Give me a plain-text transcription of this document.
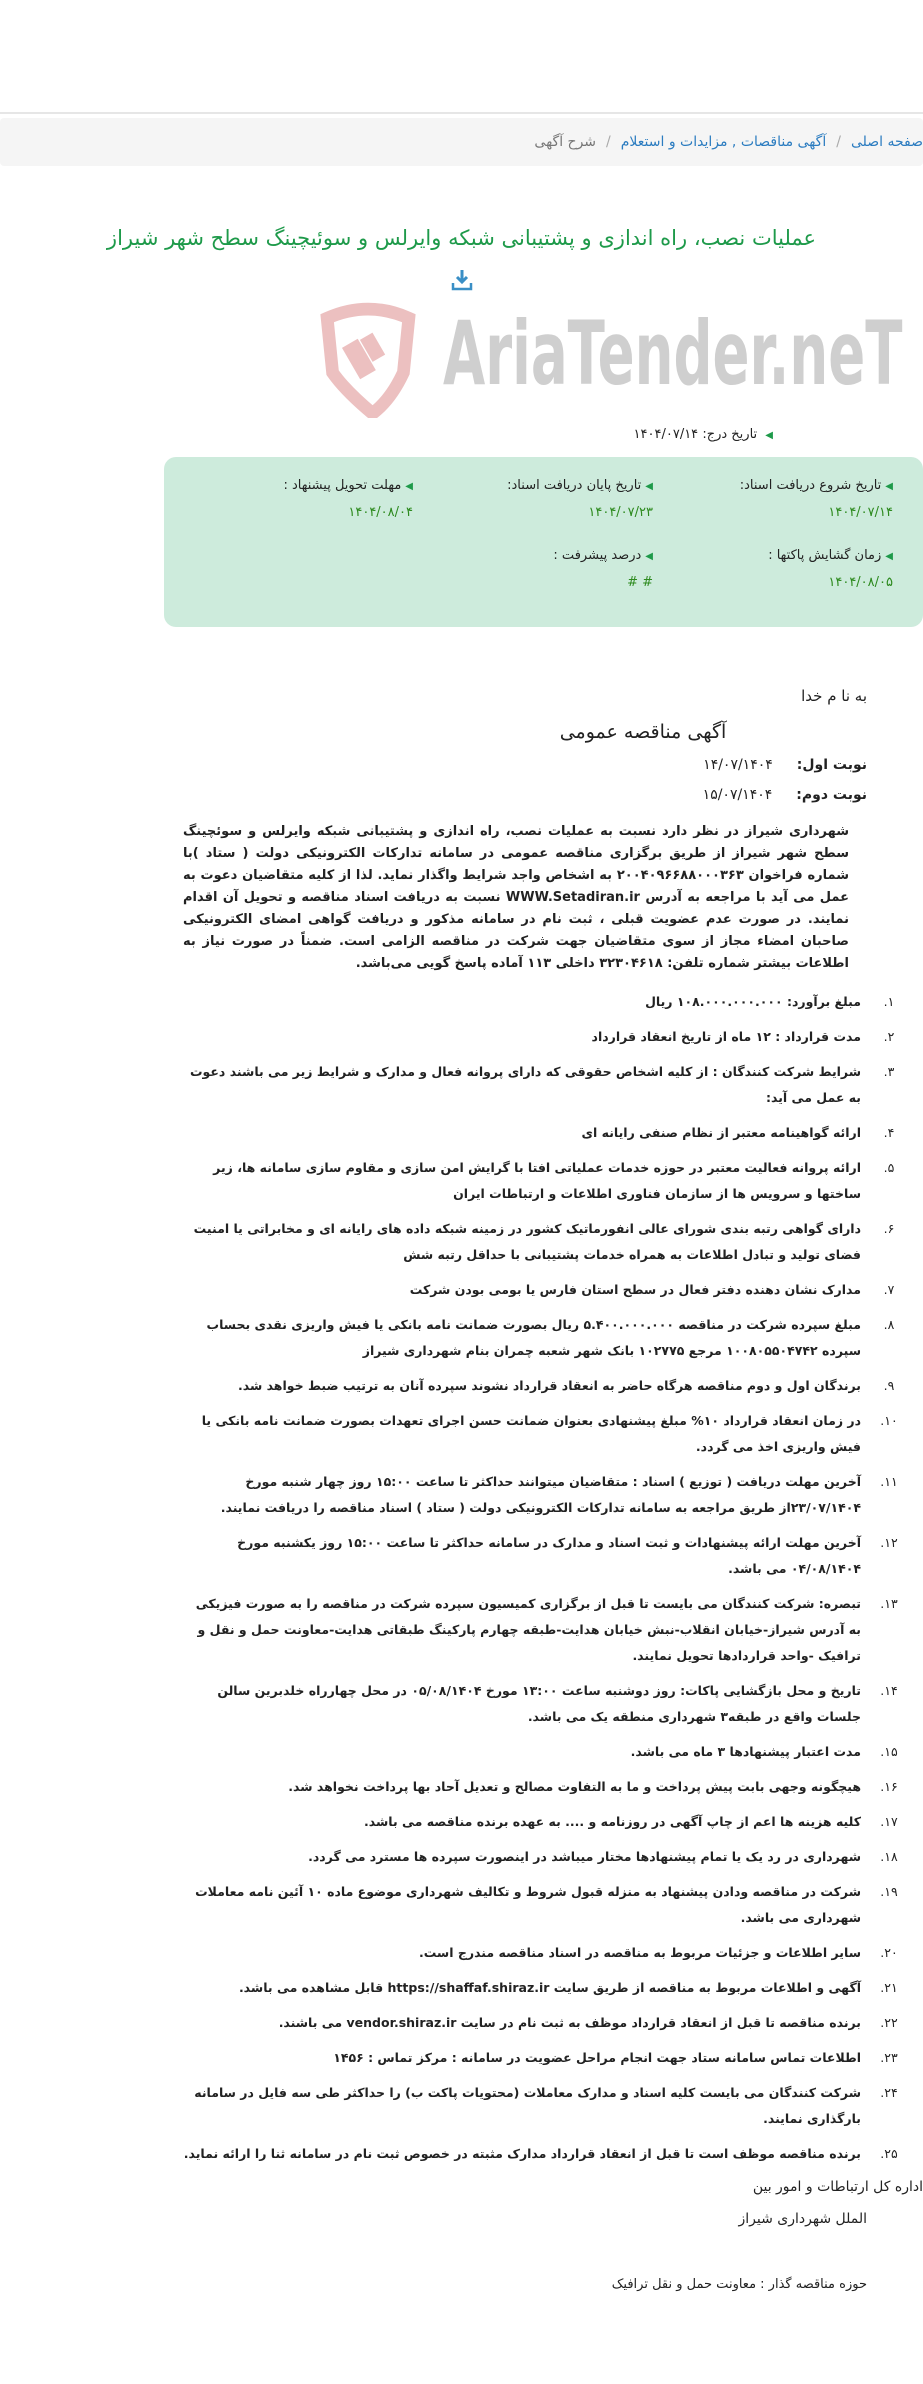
صفحه اصلی
/
آگهی مناقصات , مزایدات و استعلام
/
شرح آگهی
عملیات نصب، راه اندازی و پشتیبانی شبکه وایرلس و سوئیچینگ سطح شهر شیراز
AriaTender.neT
◀ تاریخ درج: ۱۴۰۴/۰۷/۱۴
◀تاریخ شروع دریافت اسناد:
۱۴۰۴/۰۷/۱۴
◀تاریخ پایان دریافت اسناد:
۱۴۰۴/۰۷/۲۳
◀مهلت تحویل پیشنهاد :
۱۴۰۴/۰۸/۰۴
◀زمان گشایش پاکتها :
۱۴۰۴/۰۸/۰۵
◀درصد پیشرفت :
# #
به نا م خدا
آگهی مناقصه عمومی
نوبت اول:۱۴/۰۷/۱۴۰۴
نوبت دوم:۱۵/۰۷/۱۴۰۴

شهرداری شیراز در نظر دارد نسبت به عملیات نصب، راه اندازی و پشتیبانی شبکه وایرلس و سوئچینگ سطح شهر شیراز از طریق برگزاری مناقصه عمومی در سامانه تدارکات الکترونیکی دولت ( ستاد )با شماره فراخوان ۲۰۰۴۰۹۶۶۸۸۰۰۰۳۶۳ به اشخاص واجد شرایط واگذار نماید. لذا از کلیه متقاضیان دعوت به عمل می آید با مراجعه به آدرس WWW.Setadiran.ir نسبت به دریافت اسناد مناقصه و تحویل آن اقدام نمایند. در صورت عدم عضویت قبلی ، ثبت نام در سامانه مذکور و دریافت گواهی امضای الکترونیکی صاحبان امضاء مجاز از سوی متقاضیان جهت شرکت در مناقصه الزامی است. ضمناً در صورت نیاز به اطلاعات بیشتر شماره تلفن: ۳۲۳۰۴۶۱۸ داخلی ۱۱۳ آماده پاسخ گویی می‌باشد.

۱.
مبلغ برآورد: ۱۰۸.۰۰۰.۰۰۰.۰۰۰ ریال
۲.
مدت قرارداد : ۱۲ ماه از تاریخ انعقاد قرارداد
۳.
شرایط شرکت کنندگان : از کلیه اشخاص حقوقی که دارای پروانه فعال و مدارک و شرایط زیر می باشند دعوت به عمل می آید:
۴.
ارائه گواهینامه معتبر از نظام صنفی رایانه ای
۵.
ارائه پروانه فعالیت معتبر در حوزه خدمات عملیاتی افتا با گرایش امن سازی و مقاوم سازی سامانه ها، زیر ساختها و سرویس ها از سازمان فناوری اطلاعات و ارتباطات ایران
۶.
دارای گواهی رتبه بندی شورای عالی انفورماتیک کشور در زمینه شبکه داده های رایانه ای و مخابراتی یا امنیت فضای تولید و تبادل اطلاعات به همراه خدمات پشتیبانی با حداقل رتبه شش
۷.
مدارک نشان دهنده دفتر فعال در سطح استان فارس یا بومی بودن شرکت
۸.
مبلغ سپرده شرکت در مناقصه ۵.۴۰۰.۰۰۰.۰۰۰ ریال بصورت ضمانت نامه بانکی یا فیش واریزی نقدی بحساب سپرده ۱۰۰۸۰۵۵۰۴۷۴۲ مرجع ۱۰۲۷۷۵ بانک شهر شعبه چمران بنام شهرداری شیراز
۹.
برندگان اول و دوم مناقصه هرگاه حاضر به انعقاد قرارداد نشوند سپرده آنان به ترتیب ضبط خواهد شد.
۱۰.
در زمان انعقاد قرارداد ۱۰% مبلغ پیشنهادی بعنوان ضمانت حسن اجرای تعهدات بصورت ضمانت نامه بانکی یا فیش واریزی اخذ می گردد.
۱۱.
آخرین مهلت دریافت ( توزیع ) اسناد : متقاضیان میتوانند حداکثر تا ساعت ۱۵:۰۰ روز چهار شنبه مورخ ۲۳/۰۷/۱۴۰۴از طریق مراجعه به سامانه تدارکات الکترونیکی دولت ( ستاد ) اسناد مناقصه را دریافت نمایند.
۱۲.
آخرین مهلت ارائه پیشنهادات و ثبت اسناد و مدارک در سامانه حداکثر تا ساعت ۱۵:۰۰ روز یکشنبه مورخ ۰۴/۰۸/۱۴۰۴ می باشد.
۱۳.
تبصره: شرکت کنندگان می بایست تا قبل از برگزاری کمیسیون سپرده شرکت در مناقصه را به صورت فیزیکی به آدرس شیراز-خیابان انقلاب-نبش خیابان هدایت-طبقه چهارم پارکینگ طبقاتی هدایت-معاونت حمل و نقل و ترافیک -واحد قراردادها تحویل نمایند.
۱۴.
تاریخ و محل بازگشایی پاکات: روز دوشنبه ساعت ۱۳:۰۰ مورخ ۰۵/۰۸/۱۴۰۴ در محل چهارراه خلدبرین سالن جلسات واقع در طبقه۳ شهرداری منطقه یک می باشد.
۱۵.
مدت اعتبار پیشنهادها ۳ ماه می باشد.
۱۶.
هیچگونه وجهی بابت پیش پرداخت و ما به التفاوت مصالح و تعدیل آحاد بها پرداخت نخواهد شد.
۱۷.
کلیه هزینه ها اعم از چاپ آگهی در روزنامه و .... به عهده برنده مناقصه می باشد.
۱۸.
شهرداری در رد یک یا تمام پیشنهادها مختار میباشد در اینصورت سپرده ها مسترد می گردد.
۱۹.
شرکت در مناقصه ودادن پیشنهاد به منزله قبول شروط و تکالیف شهرداری موضوع ماده ۱۰ آئین نامه معاملات شهرداری می باشد.
۲۰.
سایر اطلاعات و جزئیات مربوط به مناقصه در اسناد مناقصه مندرج است.
۲۱.
آگهی و اطلاعات مربوط به مناقصه از طریق سایت https://shaffaf.shiraz.ir قابل مشاهده می باشد.
۲۲.
برنده مناقصه تا قبل از انعقاد قرارداد موظف به ثبت نام در سایت vendor.shiraz.ir می باشند.
۲۳.
اطلاعات تماس سامانه ستاد جهت انجام مراحل عضویت در سامانه : مرکز تماس : ۱۴۵۶
۲۴.
شرکت کنندگان می بایست کلیه اسناد و مدارک معاملات (محتویات پاکت ب) را حداکثر طی سه فایل در سامانه بارگذاری نمایند.
۲۵.
برنده مناقصه موظف است تا قبل از انعقاد قرارداد مدارک مثبته در خصوص ثبت نام در سامانه ثنا را ارائه نماید.
اداره کل ارتباطات و امور بین
الملل شهرداری شیراز
حوزه مناقصه گذار : معاونت حمل و نقل ترافیک
